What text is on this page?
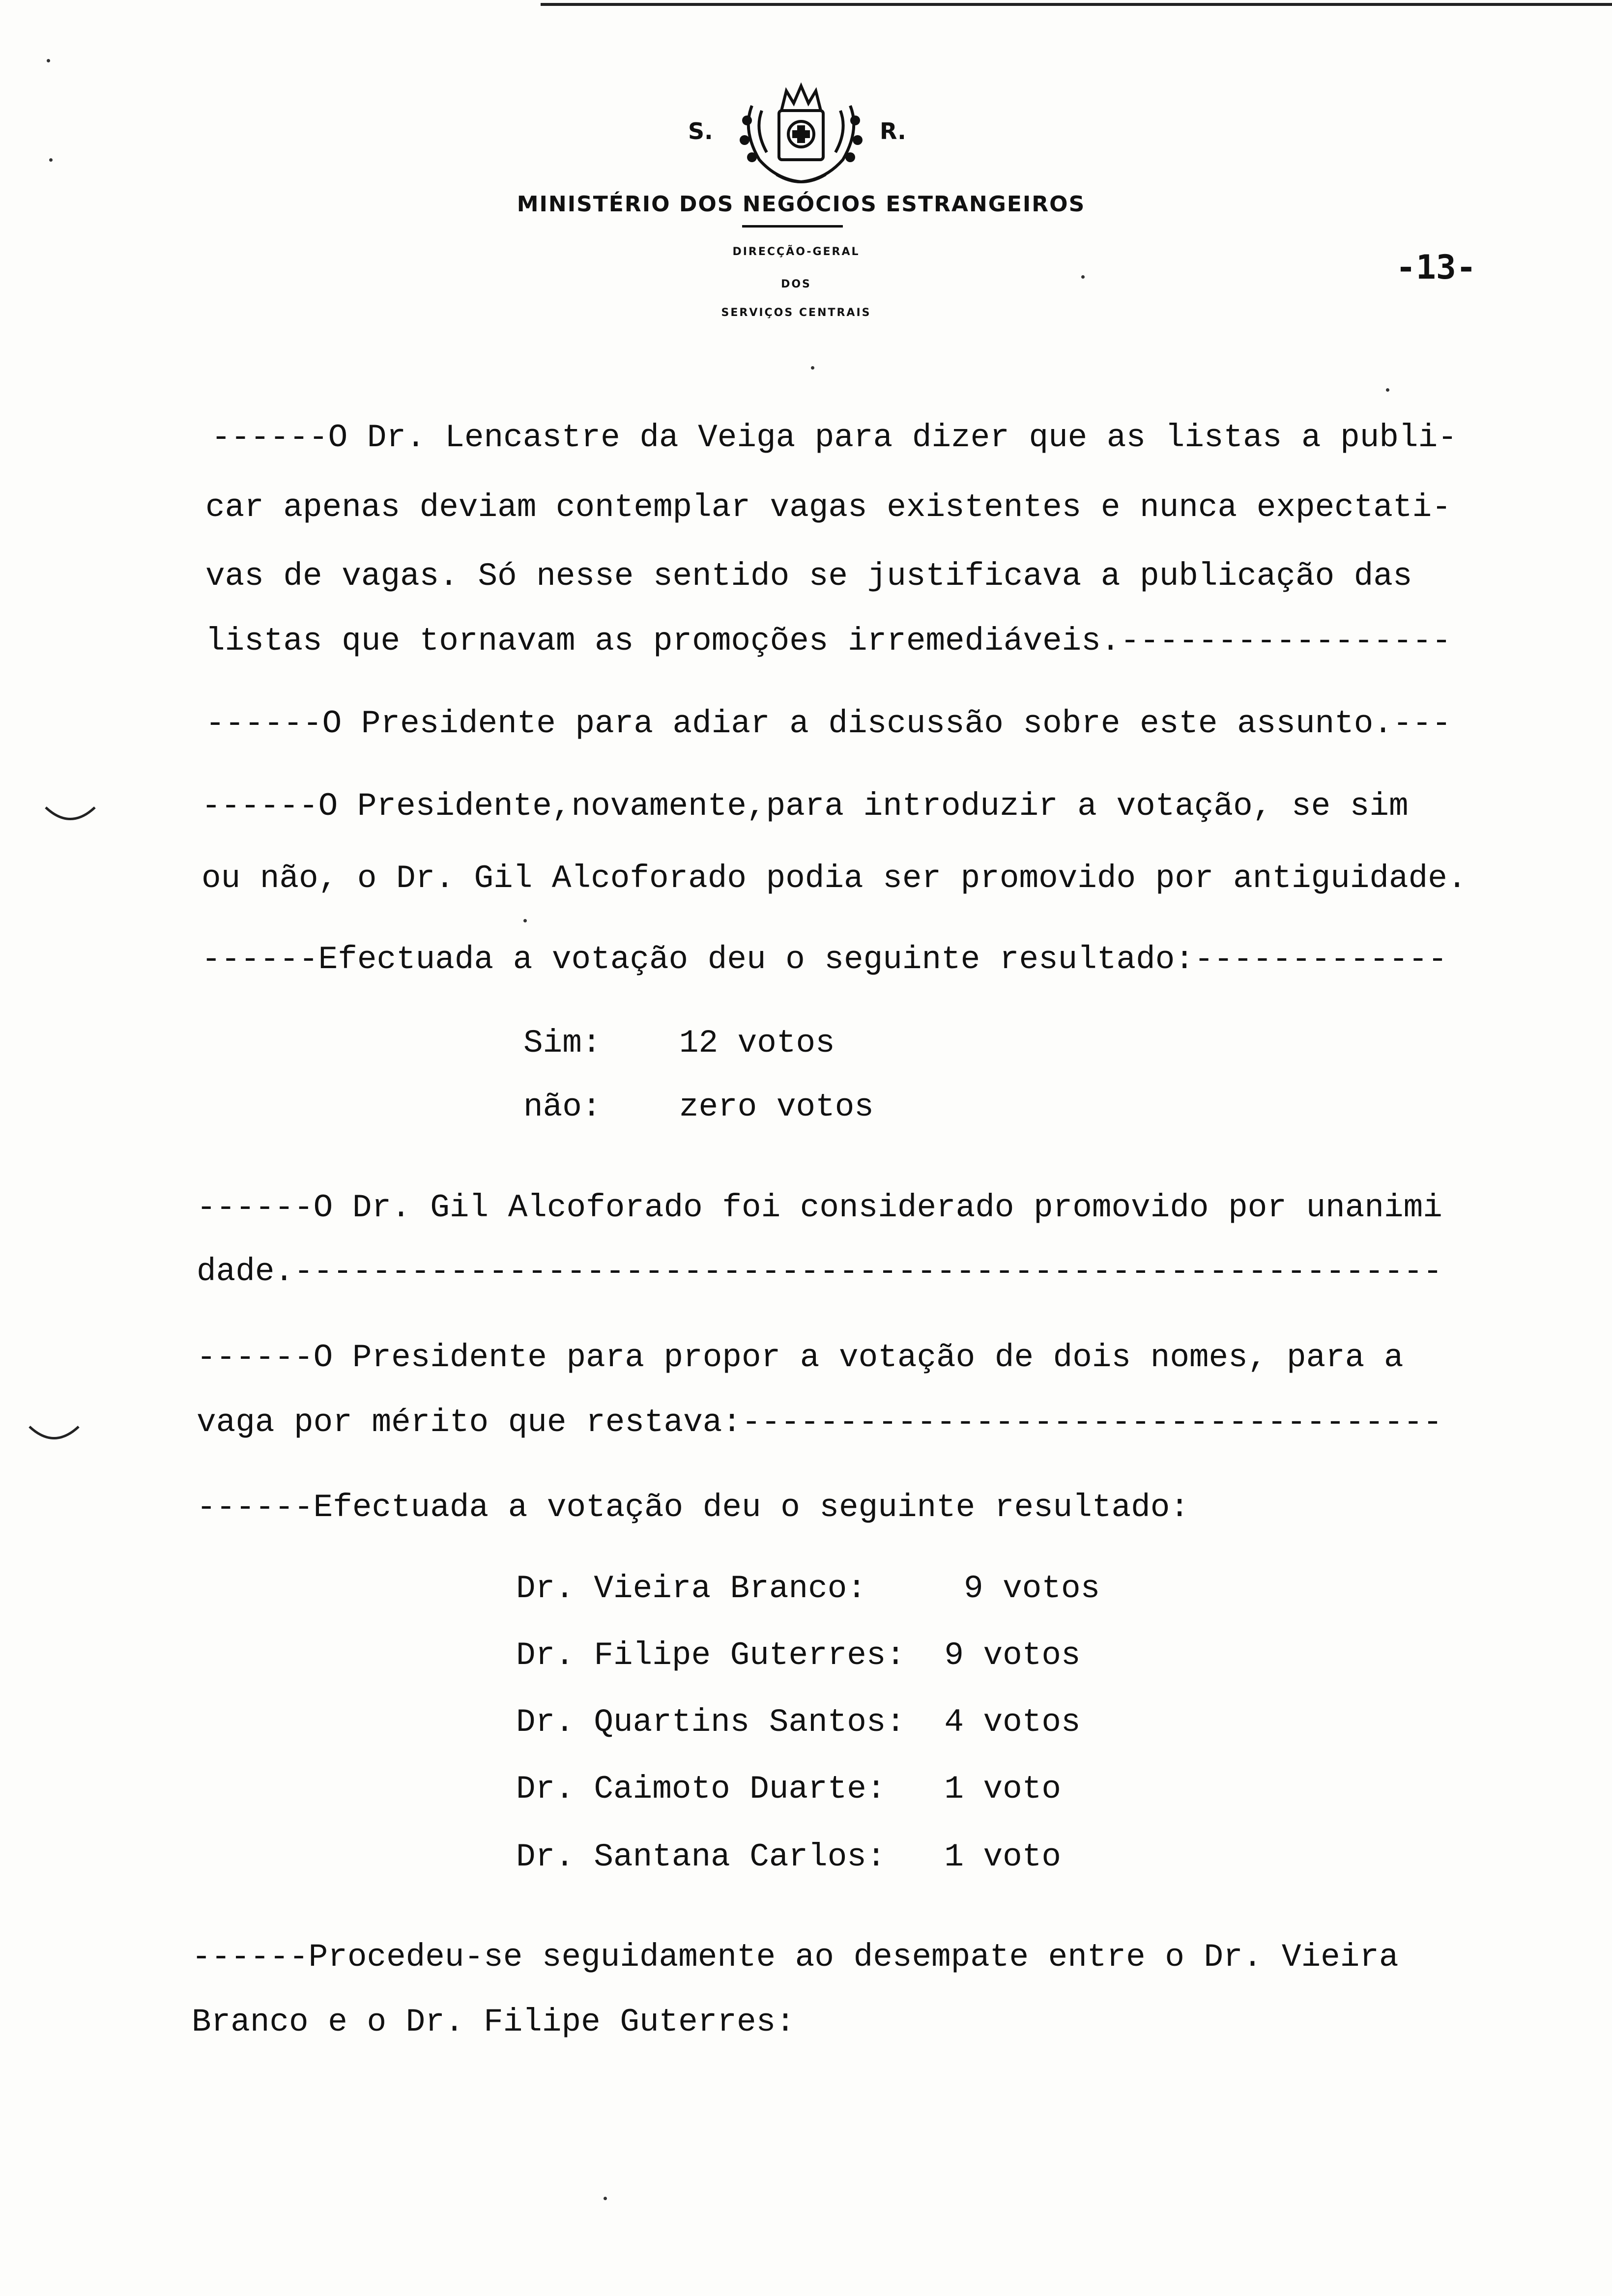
S.	R.
MINISTÉRIO DOS NEGÓCIOS ESTRANGEIROS
DIRECÇÃO-GERAL
DOS
SERVIÇOS CENTRAIS
-13-
------O Dr. Lencastre da Veiga para dizer que as listas a publi-
car apenas deviam contemplar vagas existentes e nunca expectati-
vas de vagas. Só nesse sentido se justificava a publicação das
listas que tornavam as promoções irremediáveis.-----------------
------O Presidente para adiar a discussão sobre este assunto.---
------O Presidente,novamente,para introduzir a votação, se sim
ou não, o Dr. Gil Alcoforado podia ser promovido por antiguidade.
------Efectuada a votação deu o seguinte resultado:-------------
Sim:    12 votos
não:    zero votos
------O Dr. Gil Alcoforado foi considerado promovido por unanimi
dade.-----------------------------------------------------------
------O Presidente para propor a votação de dois nomes, para a
vaga por mérito que restava:------------------------------------
------Efectuada a votação deu o seguinte resultado:
Dr. Vieira Branco:     9 votos
Dr. Filipe Guterres:  9 votos
Dr. Quartins Santos:  4 votos
Dr. Caimoto Duarte:   1 voto
Dr. Santana Carlos:   1 voto
------Procedeu-se seguidamente ao desempate entre o Dr. Vieira
Branco e o Dr. Filipe Guterres:
